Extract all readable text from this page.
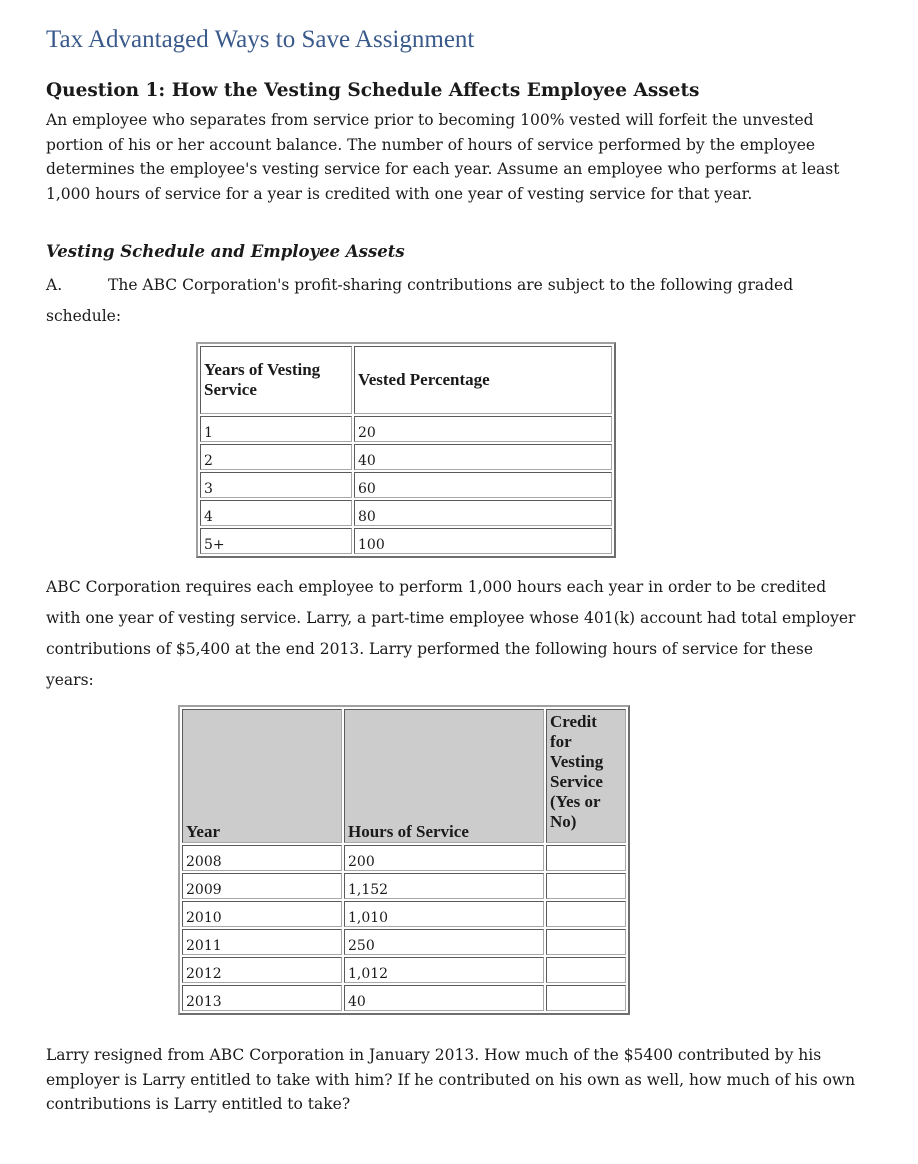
Tax Advantaged Ways to Save Assignment
Question 1: How the Vesting Schedule Affects Employee Assets

An employee who separates from service prior to becoming 100% vested will forfeit the unvested portion of his or her account balance. The number of hours of service performed by the employee determines the employee's vesting service for each year. Assume an employee who performs at least 1,000 hours of service for a year is credited with one year of vesting service for that year.

Vesting Schedule and Employee Assets

A.	The ABC Corporation's profit-sharing contributions are subject to the following graded schedule:

ABC Corporation requires each employee to perform 1,000 hours each year in order to be credited with one year of vesting service. Larry, a part-time employee whose 401(k) account had total employer contributions of $5,400 at the end 2013. Larry performed the following hours of service for these years:

Larry resigned from ABC Corporation in January 2013. How much of the $5400 contributed by his employer is Larry entitled to take with him? If he contributed on his own as well, how much of his own contributions is Larry entitled to take?

Years of Vesting Service	Vested Percentage
1	20
2	40
3	60
4	80
5+	100
Year	Hours of Service	Credit for Vesting Service (Yes or No)
2008	200	
2009	1,152	
2010	1,010	
2011	250	
2012	1,012	
2013	40	
